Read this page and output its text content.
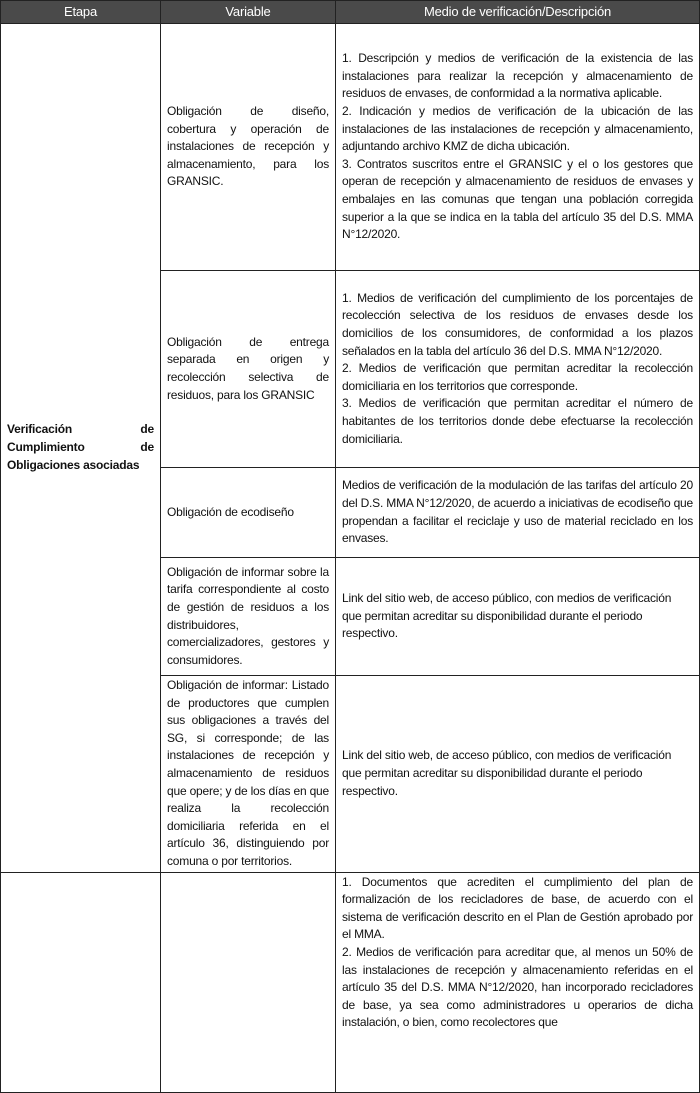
Etapa	Variable	Medio de verificación/Descripción
Verificación de Cumplimiento de Obligaciones asociadas	Obligación de diseño, cobertura y operación de instalaciones de recepción y almacenamiento, para los GRANSIC.	1. Descripción y medios de verificación de la existencia de las instalaciones para realizar la recepción y almacenamiento de residuos de envases, de conformidad a la normativa aplicable.
2. Indicación y medios de verificación de la ubicación de las instalaciones de las instalaciones de recepción y almacenamiento, adjuntando archivo KMZ de dicha ubicación.
3. Contratos suscritos entre el GRANSIC y el o los gestores que operan de recepción y almacenamiento de residuos de envases y embalajes en las comunas que tengan una población corregida superior a la que se indica en la tabla del artículo 35 del D.S. MMA N°12/2020.

	Obligación de entrega separada en origen y recolección selectiva de residuos, para los GRANSIC	1. Medios de verificación del cumplimiento de los porcentajes de recolección selectiva de los residuos de envases desde los domicilios de los consumidores, de conformidad a los plazos señalados en la tabla del artículo 36 del D.S. MMA N°12/2020.
2. Medios de verificación que permitan acreditar la recolección domiciliaria en los territorios que corresponde.
3. Medios de verificación que permitan acreditar el número de habitantes de los territorios donde debe efectuarse la recolección domiciliaria.

	Obligación de ecodiseño	Medios de verificación de la modulación de las tarifas del artículo 20 del D.S. MMA N°12/2020, de acuerdo a iniciativas de ecodiseño que propendan a facilitar el reciclaje y uso de material reciclado en los envases.

	Obligación de informar sobre la tarifa correspondiente al costo de gestión de residuos a los distribuidores, comercializadores, gestores y consumidores.	Link del sitio web, de acceso público, con medios de verificación que permitan acreditar su disponibilidad durante el periodo respectivo.

	Obligación de informar: Listado de productores que cumplen sus obligaciones a través del SG, si corresponde; de las instalaciones de recepción y almacenamiento de residuos que opere; y de los días en que realiza la recolección domiciliaria referida en el artículo 36, distinguiendo por comuna o por territorios.	Link del sitio web, de acceso público, con medios de verificación que permitan acreditar su disponibilidad durante el periodo respectivo.

		1. Documentos que acrediten el cumplimiento del plan de formalización de los recicladores de base, de acuerdo con el sistema de verificación descrito en el Plan de Gestión aprobado por el MMA.
2. Medios de verificación para acreditar que, al menos un 50% de las instalaciones de recepción y almacenamiento referidas en el artículo 35 del D.S. MMA N°12/2020, han incorporado recicladores de base, ya sea como administradores u operarios de dicha instalación, o bien, como recolectores que
